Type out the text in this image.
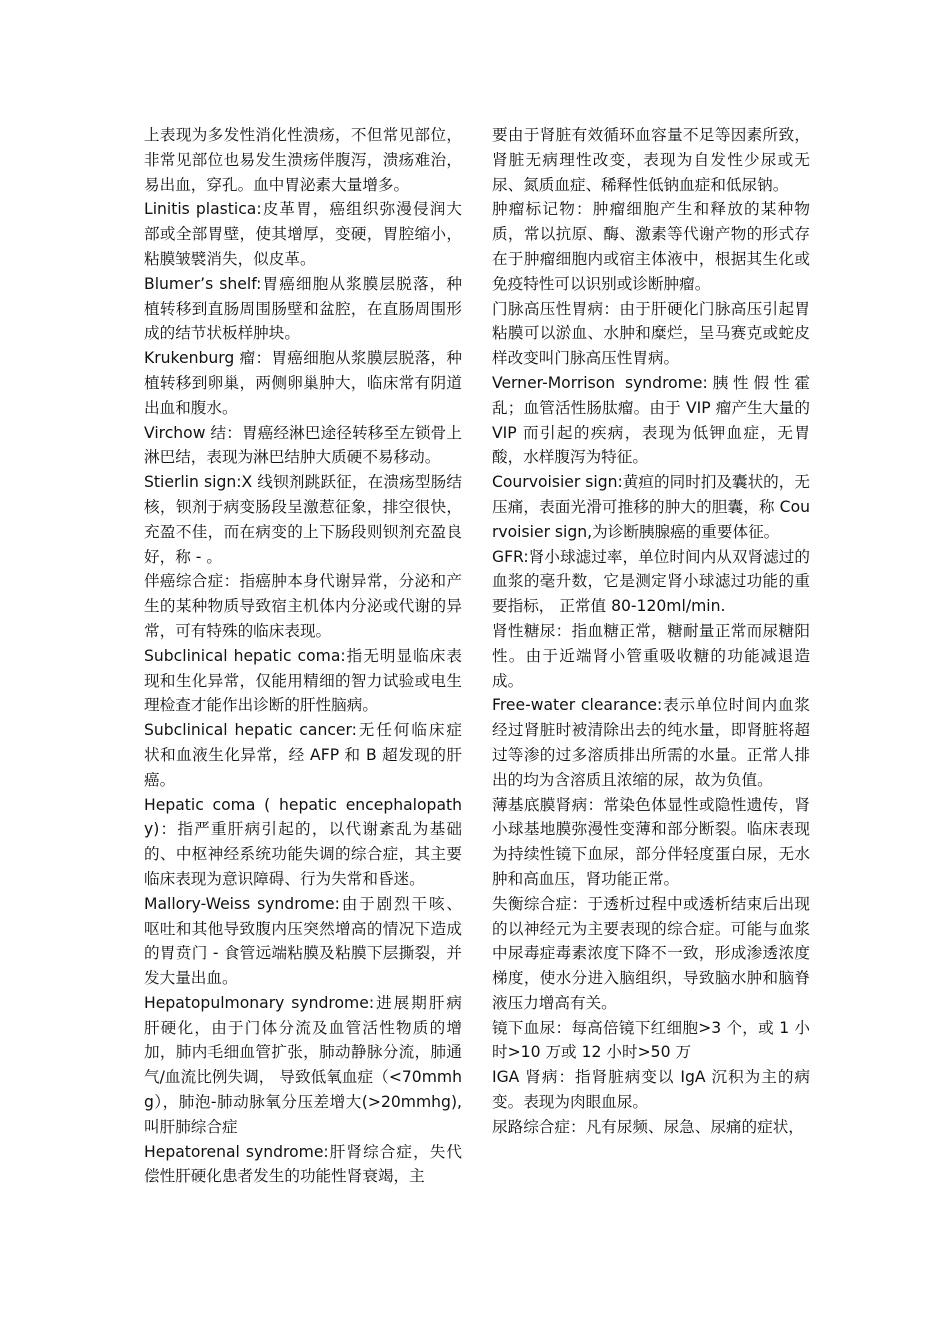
上表现为多发性消化性溃疡，不但常见部位，非常见部位也易发生溃疡伴腹泻，溃疡难治，易出血，穿孔。血中胃泌素大量增多。

Linitis plastica:皮革胃，癌组织弥漫侵润大部或全部胃壁，使其增厚，变硬，胃腔缩小，粘膜皱襞消失，似皮革。

Blumer’s shelf:胃癌细胞从浆膜层脱落，种植转移到直肠周围肠壁和盆腔，在直肠周围形成的结节状板样肿块。

Krukenburg 瘤：胃癌细胞从浆膜层脱落，种植转移到卵巢，两侧卵巢肿大，临床常有阴道出血和腹水。

Virchow 结：胃癌经淋巴途径转移至左锁骨上淋巴结，表现为淋巴结肿大质硬不易移动。

Stierlin sign:X 线钡剂跳跃征，在溃疡型肠结核，钡剂于病变肠段呈激惹征象，排空很快，充盈不佳，而在病变的上下肠段则钡剂充盈良好，称 - 。

伴癌综合症：指癌肿本身代谢异常，分泌和产生的某种物质导致宿主机体内分泌或代谢的异常，可有特殊的临床表现。

Subclinical hepatic coma:指无明显临床表现和生化异常，仅能用精细的智力试验或电生理检查才能作出诊断的肝性脑病。

Subclinical hepatic cancer:无任何临床症状和血液生化异常，经 AFP 和 B 超发现的肝癌。

Hepatic coma ( hepatic encephalopathy)：指严重肝病引起的，以代谢紊乱为基础的、中枢神经系统功能失调的综合症，其主要临床表现为意识障碍、行为失常和昏迷。

Mallory-Weiss syndrome:由于剧烈干咳、呕吐和其他导致腹内压突然增高的情况下造成的胃贲门 - 食管远端粘膜及粘膜下层撕裂，并发大量出血。

Hepatopulmonary syndrome:进展期肝病肝硬化，由于门体分流及血管活性物质的增加，肺内毛细血管扩张，肺动静脉分流，肺通气/血流比例失调， 导致低氧血症（<70mmhg），肺泡-肺动脉氧分压差增大(>20mmhg),叫肝肺综合症

Hepatorenal syndrome:肝肾综合症，失代偿性肝硬化患者发生的功能性肾衰竭，主

要由于肾脏有效循环血容量不足等因素所致，肾脏无病理性改变，表现为自发性少尿或无尿、氮质血症、稀释性低钠血症和低尿钠。

肿瘤标记物：肿瘤细胞产生和释放的某种物质，常以抗原、酶、激素等代谢产物的形式存在于肿瘤细胞内或宿主体液中，根据其生化或免疫特性可以识别或诊断肿瘤。

门脉高压性胃病：由于肝硬化门脉高压引起胃粘膜可以淤血、水肿和糜烂，呈马赛克或蛇皮样改变叫门脉高压性胃病。

Verner-Morrison syndrome:胰性假性霍乱；血管活性肠肽瘤。由于 VIP 瘤产生大量的 VIP 而引起的疾病，表现为低钾血症，无胃酸，水样腹泻为特征。

Courvoisier sign:黄疸的同时扪及囊状的，无压痛，表面光滑可推移的肿大的胆囊，称 Courvoisier sign,为诊断胰腺癌的重要体征。

GFR:肾小球滤过率，单位时间内从双肾滤过的血浆的毫升数，它是测定肾小球滤过功能的重要指标， 正常值 80-120ml/min.

肾性糖尿：指血糖正常，糖耐量正常而尿糖阳性。由于近端肾小管重吸收糖的功能减退造成。

Free-water clearance:表示单位时间内血浆经过肾脏时被清除出去的纯水量，即肾脏将超过等渗的过多溶质排出所需的水量。正常人排出的均为含溶质且浓缩的尿，故为负值。

薄基底膜肾病：常染色体显性或隐性遗传，肾小球基地膜弥漫性变薄和部分断裂。临床表现为持续性镜下血尿，部分伴轻度蛋白尿，无水肿和高血压，肾功能正常。

失衡综合症：于透析过程中或透析结束后出现的以神经元为主要表现的综合症。可能与血浆中尿毒症毒素浓度下降不一致，形成渗透浓度梯度，使水分进入脑组织，导致脑水肿和脑脊液压力增高有关。

镜下血尿：每高倍镜下红细胞>3 个，或 1 小时>10 万或 12 小时>50 万

IGA 肾病：指肾脏病变以 IgA 沉积为主的病变。表现为肉眼血尿。

尿路综合症：凡有尿频、尿急、尿痛的症状，
